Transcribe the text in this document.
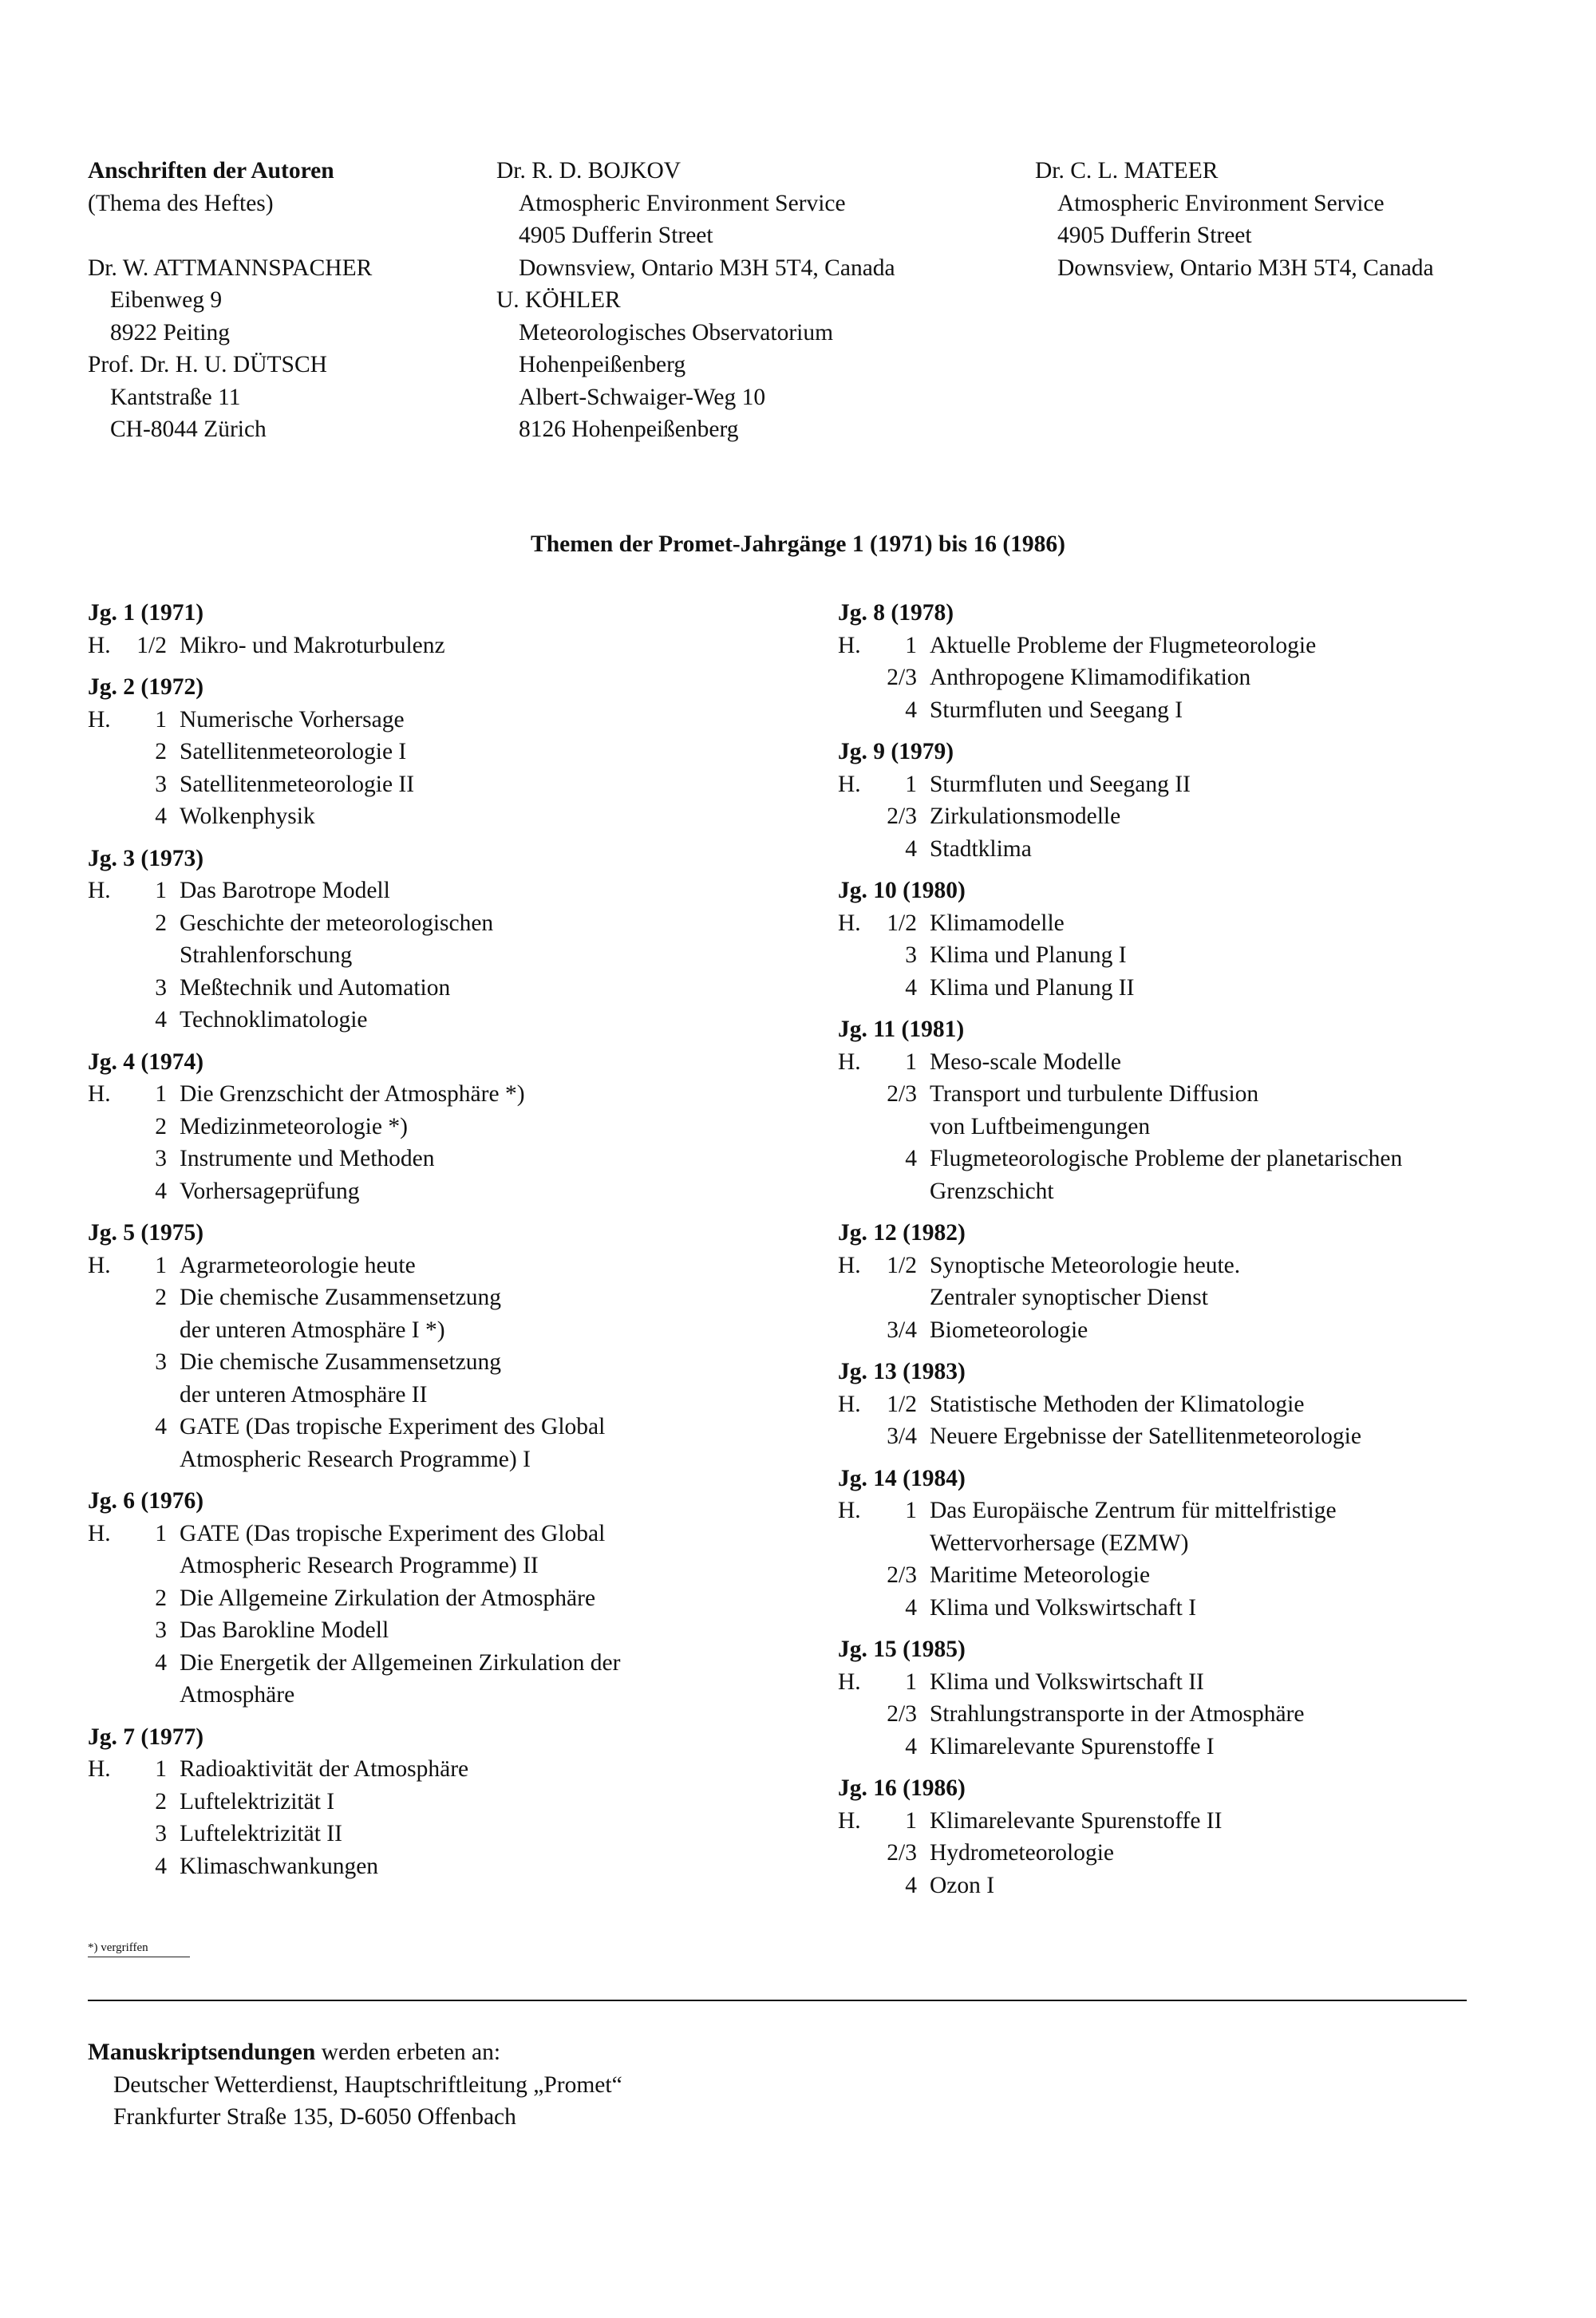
Anschriften der Autoren
(Thema des Heftes)
Dr. W. ATTMANNSPACHER
Eibenweg 9
8922 Peiting
Prof. Dr. H. U. DÜTSCH
Kantstraße 11
CH-8044 Zürich
Dr. R. D. BOJKOV
Atmospheric Environment Service
4905 Dufferin Street
Downsview, Ontario M3H 5T4, Canada
U. KÖHLER
Meteorologisches Observatorium
Hohenpeißenberg
Albert-Schwaiger-Weg 10
8126 Hohenpeißenberg
Dr. C. L. MATEER
Atmospheric Environment Service
4905 Dufferin Street
Downsview, Ontario M3H 5T4, Canada
Themen der Promet-Jahrgänge 1 (1971) bis 16 (1986)
Jg. 1 (1971)
H. 1/2 Mikro- und Makroturbulenz
Jg. 2 (1972)
H. 1 Numerische Vorhersage
2 Satellitenmeteorologie I
3 Satellitenmeteorologie II
4 Wolkenphysik
Jg. 3 (1973)
H. 1 Das Barotrope Modell
2 Geschichte der meteorologischen
Strahlenforschung
3 Meßtechnik und Automation
4 Technoklimatologie
Jg. 4 (1974)
H. 1 Die Grenzschicht der Atmosphäre *)
2 Medizinmeteorologie *)
3 Instrumente und Methoden
4 Vorhersageprüfung
Jg. 5 (1975)
H. 1 Agrarmeteorologie heute
2 Die chemische Zusammensetzung
der unteren Atmosphäre I *)
3 Die chemische Zusammensetzung
der unteren Atmosphäre II
4 GATE (Das tropische Experiment des Global
Atmospheric Research Programme) I
Jg. 6 (1976)
H. 1 GATE (Das tropische Experiment des Global
Atmospheric Research Programme) II
2 Die Allgemeine Zirkulation der Atmosphäre
3 Das Barokline Modell
4 Die Energetik der Allgemeinen Zirkulation der
Atmosphäre
Jg. 7 (1977)
H. 1 Radioaktivität der Atmosphäre
2 Luftelektrizität I
3 Luftelektrizität II
4 Klimaschwankungen
Jg. 8 (1978)
H. 1 Aktuelle Probleme der Flugmeteorologie
2/3 Anthropogene Klimamodifikation
4 Sturmfluten und Seegang I
Jg. 9 (1979)
H. 1 Sturmfluten und Seegang II
2/3 Zirkulationsmodelle
4 Stadtklima
Jg. 10 (1980)
H. 1/2 Klimamodelle
3 Klima und Planung I
4 Klima und Planung II
Jg. 11 (1981)
H. 1 Meso-scale Modelle
2/3 Transport und turbulente Diffusion
von Luftbeimengungen
4 Flugmeteorologische Probleme der planetarischen
Grenzschicht
Jg. 12 (1982)
H. 1/2 Synoptische Meteorologie heute.
Zentraler synoptischer Dienst
3/4 Biometeorologie
Jg. 13 (1983)
H. 1/2 Statistische Methoden der Klimatologie
3/4 Neuere Ergebnisse der Satellitenmeteorologie
Jg. 14 (1984)
H. 1 Das Europäische Zentrum für mittelfristige
Wettervorhersage (EZMW)
2/3 Maritime Meteorologie
4 Klima und Volkswirtschaft I
Jg. 15 (1985)
H. 1 Klima und Volkswirtschaft II
2/3 Strahlungstransporte in der Atmosphäre
4 Klimarelevante Spurenstoffe I
Jg. 16 (1986)
H. 1 Klimarelevante Spurenstoffe II
2/3 Hydrometeorologie
4 Ozon I
*) vergriffen
Manuskriptsendungen werden erbeten an:
Deutscher Wetterdienst, Hauptschriftleitung „Promet“
Frankfurter Straße 135, D-6050 Offenbach
